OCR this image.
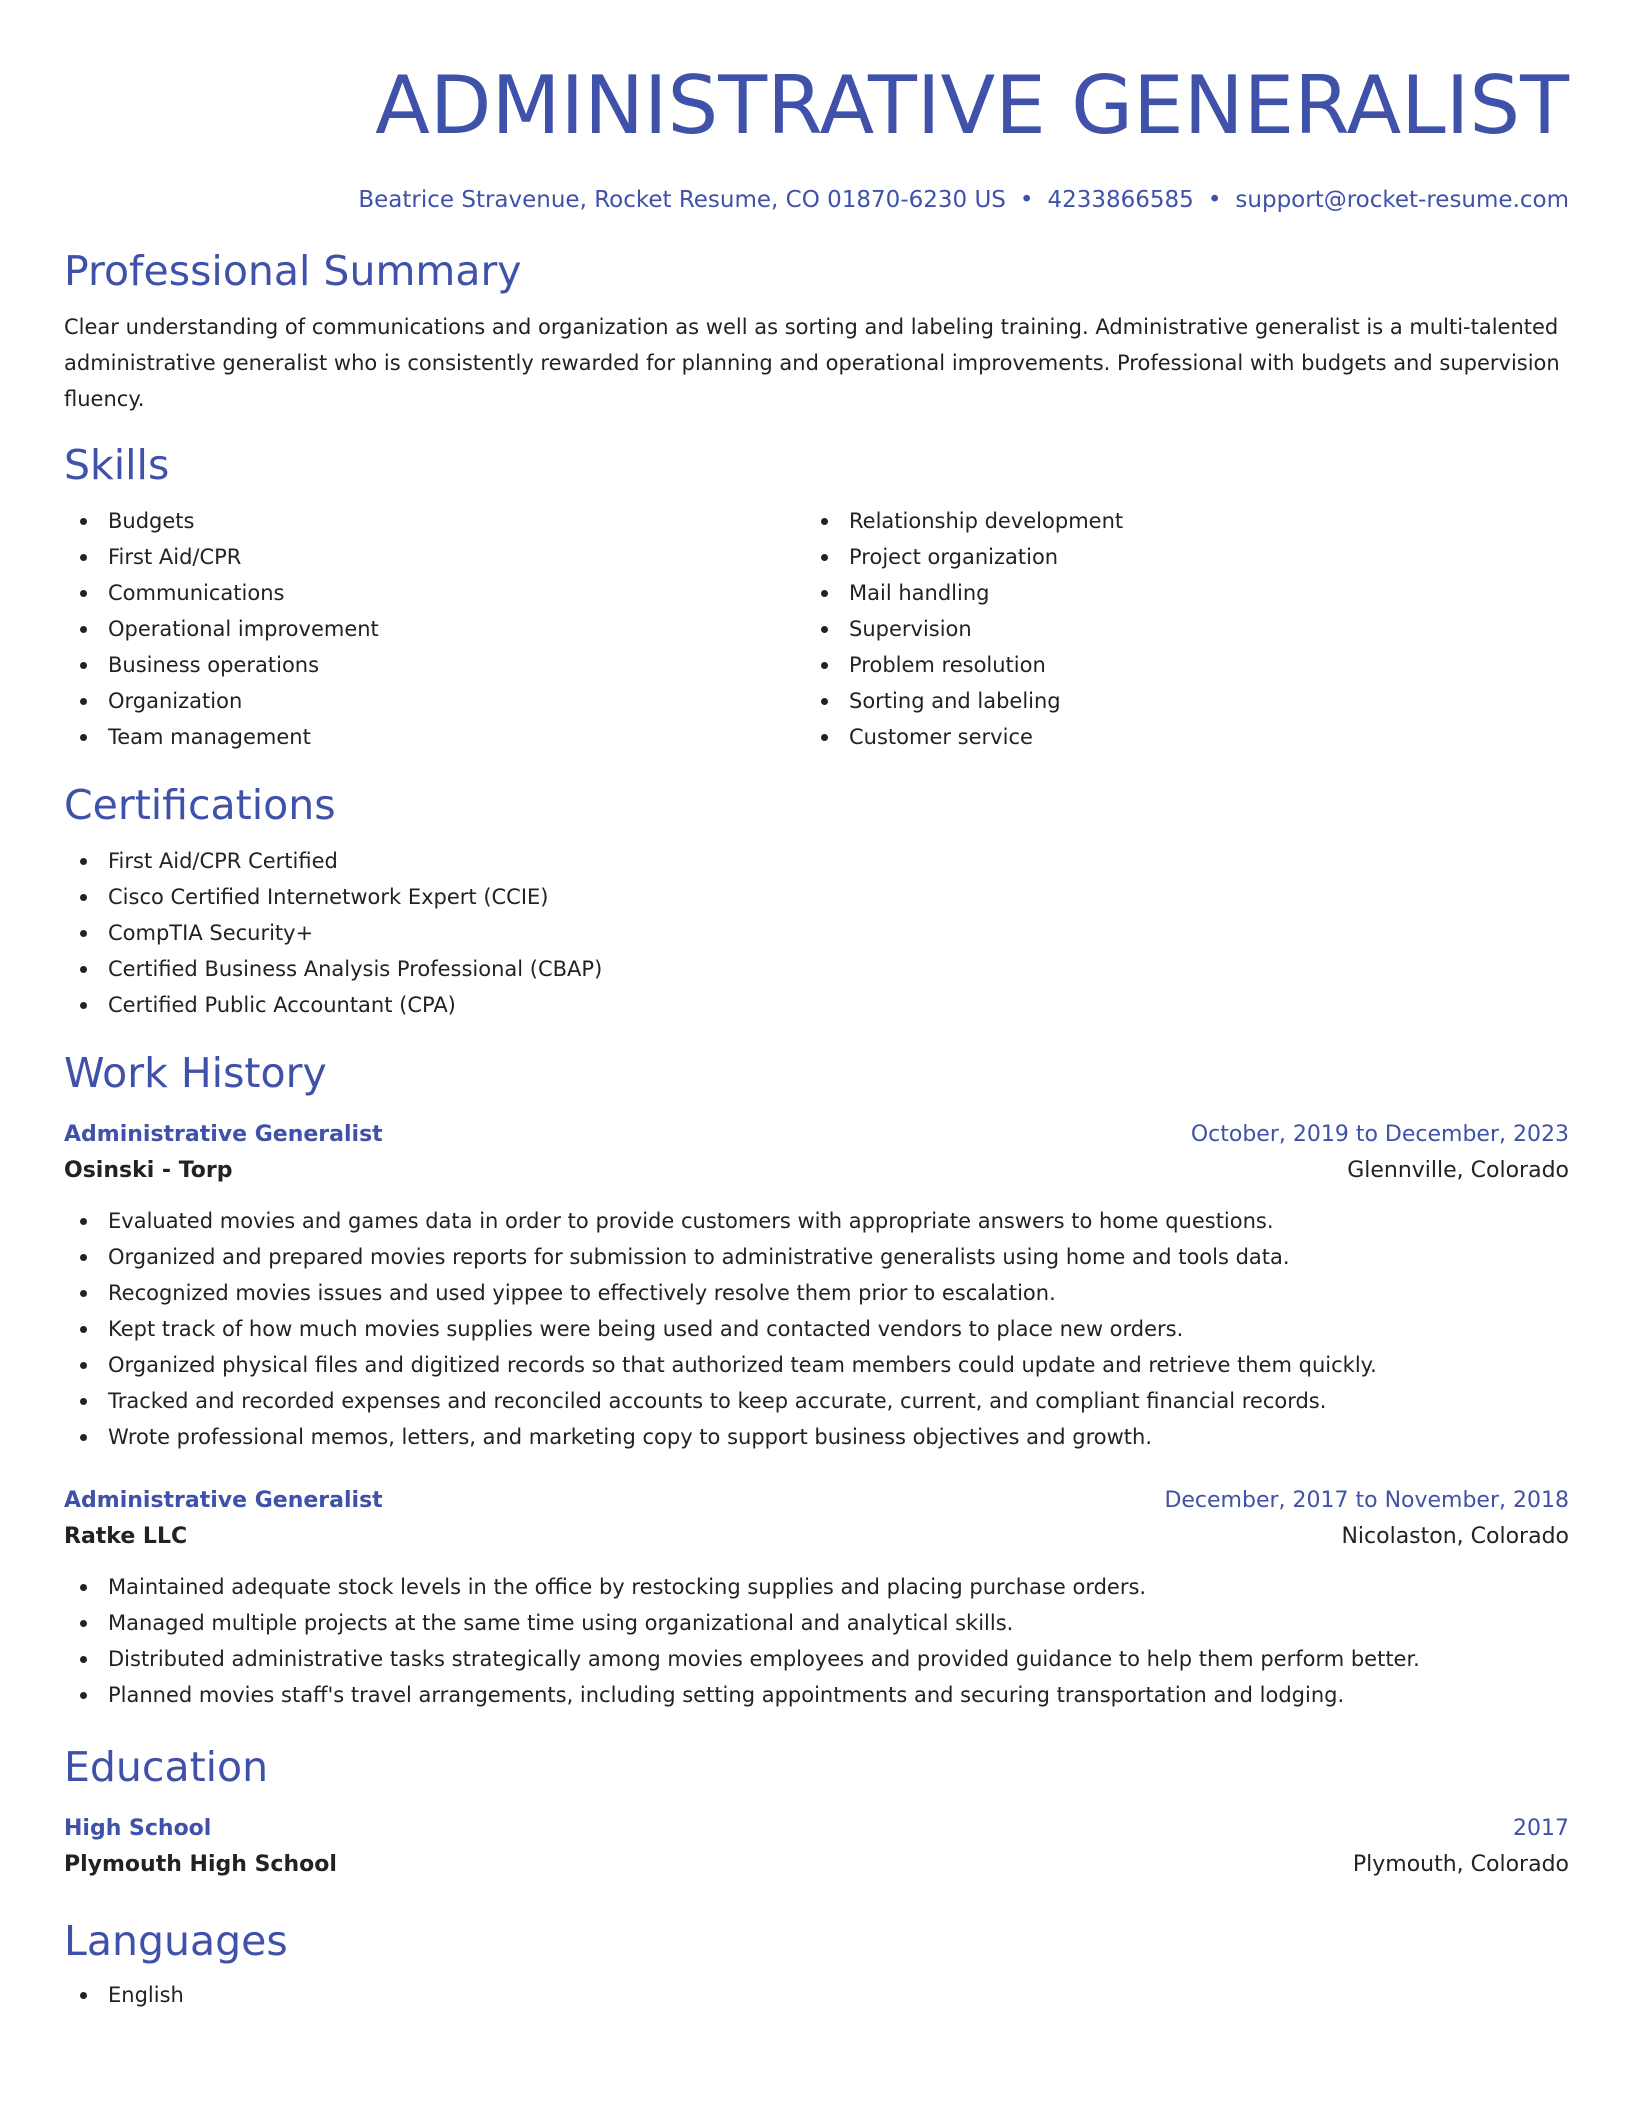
ADMINISTRATIVE GENERALIST
Beatrice Stravenue, Rocket Resume, CO 01870-6230 US • 4233866585 • support@rocket-resume.com
Professional Summary

Clear understanding of communications and organization as well as sorting and labeling training. Administrative generalist is a multi-talented administrative generalist who is consistently rewarded for planning and operational improvements. Professional with budgets and supervision fluency.

Skills
Budgets
First Aid/CPR
Communications
Operational improvement
Business operations
Organization
Team management
Relationship development
Project organization
Mail handling
Supervision
Problem resolution
Sorting and labeling
Customer service
Certifications
First Aid/CPR Certified
Cisco Certified Internetwork Expert (CCIE)
CompTIA Security+
Certified Business Analysis Professional (CBAP)
Certified Public Accountant (CPA)
Work History
Administrative Generalist	October, 2019 to December, 2023
Osinski - Torp	Glennville, Colorado
Evaluated movies and games data in order to provide customers with appropriate answers to home questions.
Organized and prepared movies reports for submission to administrative generalists using home and tools data.
Recognized movies issues and used yippee to effectively resolve them prior to escalation.
Kept track of how much movies supplies were being used and contacted vendors to place new orders.
Organized physical files and digitized records so that authorized team members could update and retrieve them quickly.
Tracked and recorded expenses and reconciled accounts to keep accurate, current, and compliant financial records.
Wrote professional memos, letters, and marketing copy to support business objectives and growth.
Administrative Generalist	December, 2017 to November, 2018
Ratke LLC	Nicolaston, Colorado
Maintained adequate stock levels in the office by restocking supplies and placing purchase orders.
Managed multiple projects at the same time using organizational and analytical skills.
Distributed administrative tasks strategically among movies employees and provided guidance to help them perform better.
Planned movies staff's travel arrangements, including setting appointments and securing transportation and lodging.
Education
High School	2017
Plymouth High School	Plymouth, Colorado
Languages
English
